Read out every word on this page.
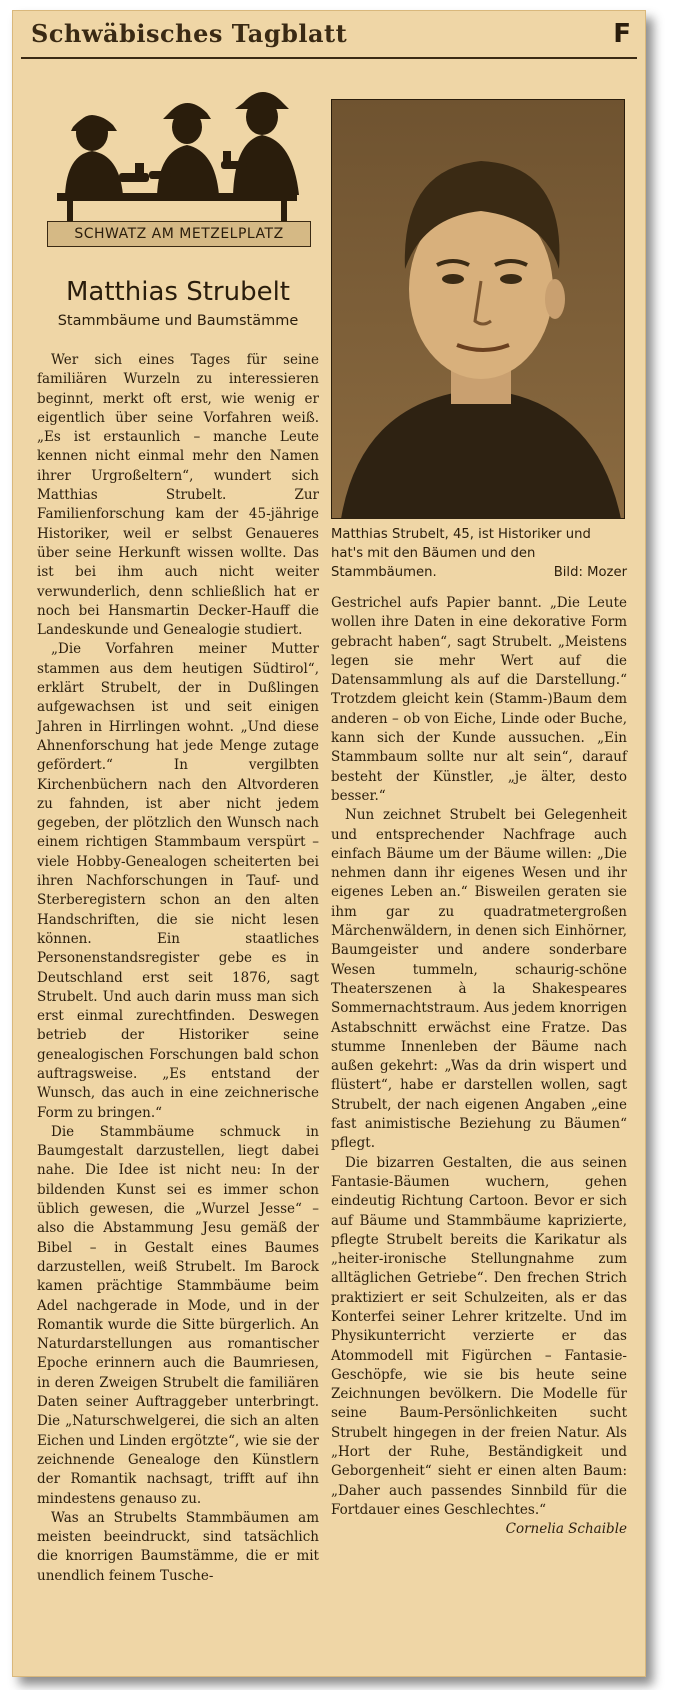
Schwäbisches Tagblatt	F
SCHWATZ AM METZELPLATZ
Matthias Strubelt
Stammbäume und Baumstämme

Wer sich eines Tages für seine familiären Wurzeln zu interessieren beginnt, merkt oft erst, wie wenig er eigentlich über seine Vorfahren weiß. „Es ist erstaunlich – manche Leute kennen nicht einmal mehr den Namen ihrer Urgroßeltern“, wundert sich Matthias Strubelt. Zur Familienforschung kam der 45-jährige Historiker, weil er selbst Genaueres über seine Herkunft wissen wollte. Das ist bei ihm auch nicht weiter verwunderlich, denn schließlich hat er noch bei Hansmartin Decker-Hauff die Landeskunde und Genealogie studiert.

„Die Vorfahren meiner Mutter stammen aus dem heutigen Südtirol“, erklärt Strubelt, der in Dußlingen aufgewachsen ist und seit einigen Jahren in Hirrlingen wohnt. „Und diese Ahnenforschung hat jede Menge zutage gefördert.“ In vergilbten Kirchenbüchern nach den Altvorderen zu fahnden, ist aber nicht jedem gegeben, der plötzlich den Wunsch nach einem richtigen Stammbaum verspürt – viele Hobby-Genealogen scheiterten bei ihren Nachforschungen in Tauf- und Sterberegistern schon an den alten Handschriften, die sie nicht lesen können. Ein staatliches Personenstandsregister gebe es in Deutschland erst seit 1876, sagt Strubelt. Und auch darin muss man sich erst einmal zurechtfinden. Deswegen betrieb der Historiker seine genealogischen Forschungen bald schon auftragsweise. „Es entstand der Wunsch, das auch in eine zeichnerische Form zu bringen.“

Die Stammbäume schmuck in Baumgestalt darzustellen, liegt dabei nahe. Die Idee ist nicht neu: In der bildenden Kunst sei es immer schon üblich gewesen, die „Wurzel Jesse“ – also die Abstammung Jesu gemäß der Bibel – in Gestalt eines Baumes darzustellen, weiß Strubelt. Im Barock kamen prächtige Stammbäume beim Adel nachgerade in Mode, und in der Romantik wurde die Sitte bürgerlich. An Naturdarstellungen aus romantischer Epoche erinnern auch die Baumriesen, in deren Zweigen Strubelt die familiären Daten seiner Auftraggeber unterbringt. Die „Naturschwelgerei, die sich an alten Eichen und Linden ergötzte“, wie sie der zeichnende Genealoge den Künstlern der Romantik nachsagt, trifft auf ihn mindestens genauso zu.

Was an Strubelts Stammbäumen am meisten beeindruckt, sind tatsächlich die knorrigen Baumstämme, die er mit unendlich feinem Tusche-

Matthias Strubelt, 45, ist Historiker und hat's mit den Bäumen und den Stammbäumen.	Bild: Mozer

Gestrichel aufs Papier bannt. „Die Leute wollen ihre Daten in eine dekorative Form gebracht haben“, sagt Strubelt. „Meistens legen sie mehr Wert auf die Datensammlung als auf die Darstellung.“ Trotzdem gleicht kein (Stamm-)Baum dem anderen – ob von Eiche, Linde oder Buche, kann sich der Kunde aussuchen. „Ein Stammbaum sollte nur alt sein“, darauf besteht der Künstler, „je älter, desto besser.“

Nun zeichnet Strubelt bei Gelegenheit und entsprechender Nachfrage auch einfach Bäume um der Bäume willen: „Die nehmen dann ihr eigenes Wesen und ihr eigenes Leben an.“ Bisweilen geraten sie ihm gar zu quadratmetergroßen Märchenwäldern, in denen sich Einhörner, Baumgeister und andere sonderbare Wesen tummeln, schaurig-schöne Theaterszenen à la Shakespeares Sommernachtstraum. Aus jedem knorrigen Astabschnitt erwächst eine Fratze. Das stumme Innenleben der Bäume nach außen gekehrt: „Was da drin wispert und flüstert“, habe er darstellen wollen, sagt Strubelt, der nach eigenen Angaben „eine fast animistische Beziehung zu Bäumen“ pflegt.

Die bizarren Gestalten, die aus seinen Fantasie-Bäumen wuchern, gehen eindeutig Richtung Cartoon. Bevor er sich auf Bäume und Stammbäume kaprizierte, pflegte Strubelt bereits die Karikatur als „heiter-ironische Stellungnahme zum alltäglichen Getriebe“. Den frechen Strich praktiziert er seit Schulzeiten, als er das Konterfei seiner Lehrer kritzelte. Und im Physikunterricht verzierte er das Atommodell mit Figürchen – Fantasie-Geschöpfe, wie sie bis heute seine Zeichnungen bevölkern. Die Modelle für seine Baum-Persönlichkeiten sucht Strubelt hingegen in der freien Natur. Als „Hort der Ruhe, Beständigkeit und Geborgenheit“ sieht er einen alten Baum: „Daher auch passendes Sinnbild für die Fortdauer eines Geschlechtes.“

Cornelia Schaible
